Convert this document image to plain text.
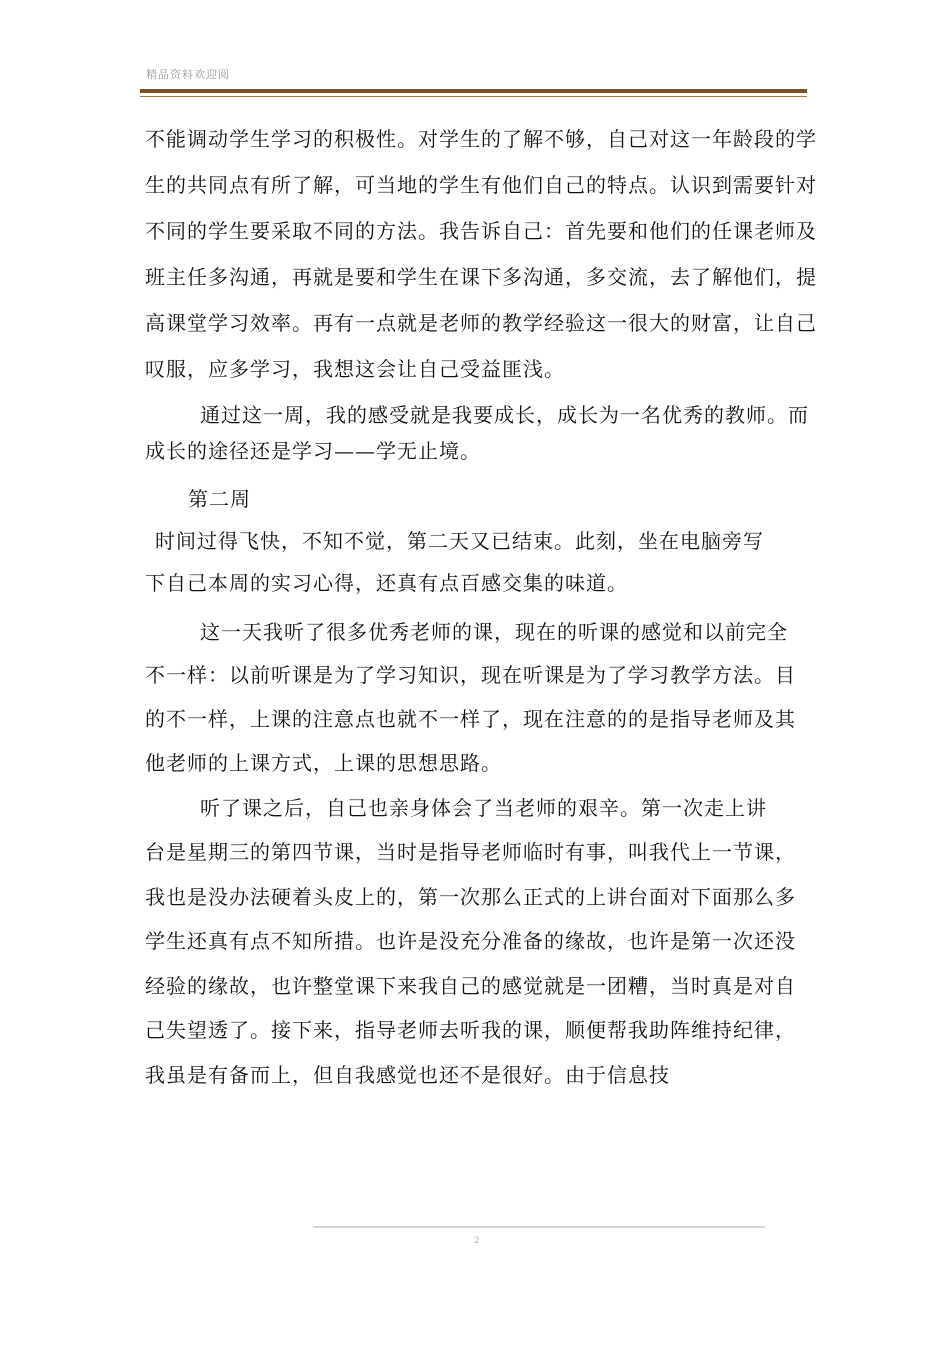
精品资料欢迎阅
不能调动学生学习的积极性。对学生的了解不够，自己对这一年龄段的学
生的共同点有所了解，可当地的学生有他们自己的特点。认识到需要针对
不同的学生要采取不同的方法。我告诉自己：首先要和他们的任课老师及
班主任多沟通，再就是要和学生在课下多沟通，多交流，去了解他们，提
高课堂学习效率。再有一点就是老师的教学经验这一很大的财富，让自己
叹服，应多学习，我想这会让自己受益匪浅。
通过这一周，我的感受就是我要成长，成长为一名优秀的教师。而
成长的途径还是学习——学无止境。
第二周
时间过得飞快，不知不觉，第二天又已结束。此刻，坐在电脑旁写
下自己本周的实习心得，还真有点百感交集的味道。
这一天我听了很多优秀老师的课，现在的听课的感觉和以前完全
不一样：以前听课是为了学习知识，现在听课是为了学习教学方法。目
的不一样，上课的注意点也就不一样了，现在注意的的是指导老师及其
他老师的上课方式，上课的思想思路。
听了课之后，自己也亲身体会了当老师的艰辛。第一次走上讲
台是星期三的第四节课，当时是指导老师临时有事，叫我代上一节课，
我也是没办法硬着头皮上的，第一次那么正式的上讲台面对下面那么多
学生还真有点不知所措。也许是没充分准备的缘故，也许是第一次还没
经验的缘故，也许整堂课下来我自己的感觉就是一团糟，当时真是对自
己失望透了。接下来，指导老师去听我的课，顺便帮我助阵维持纪律，
我虽是有备而上，但自我感觉也还不是很好。由于信息技
2
